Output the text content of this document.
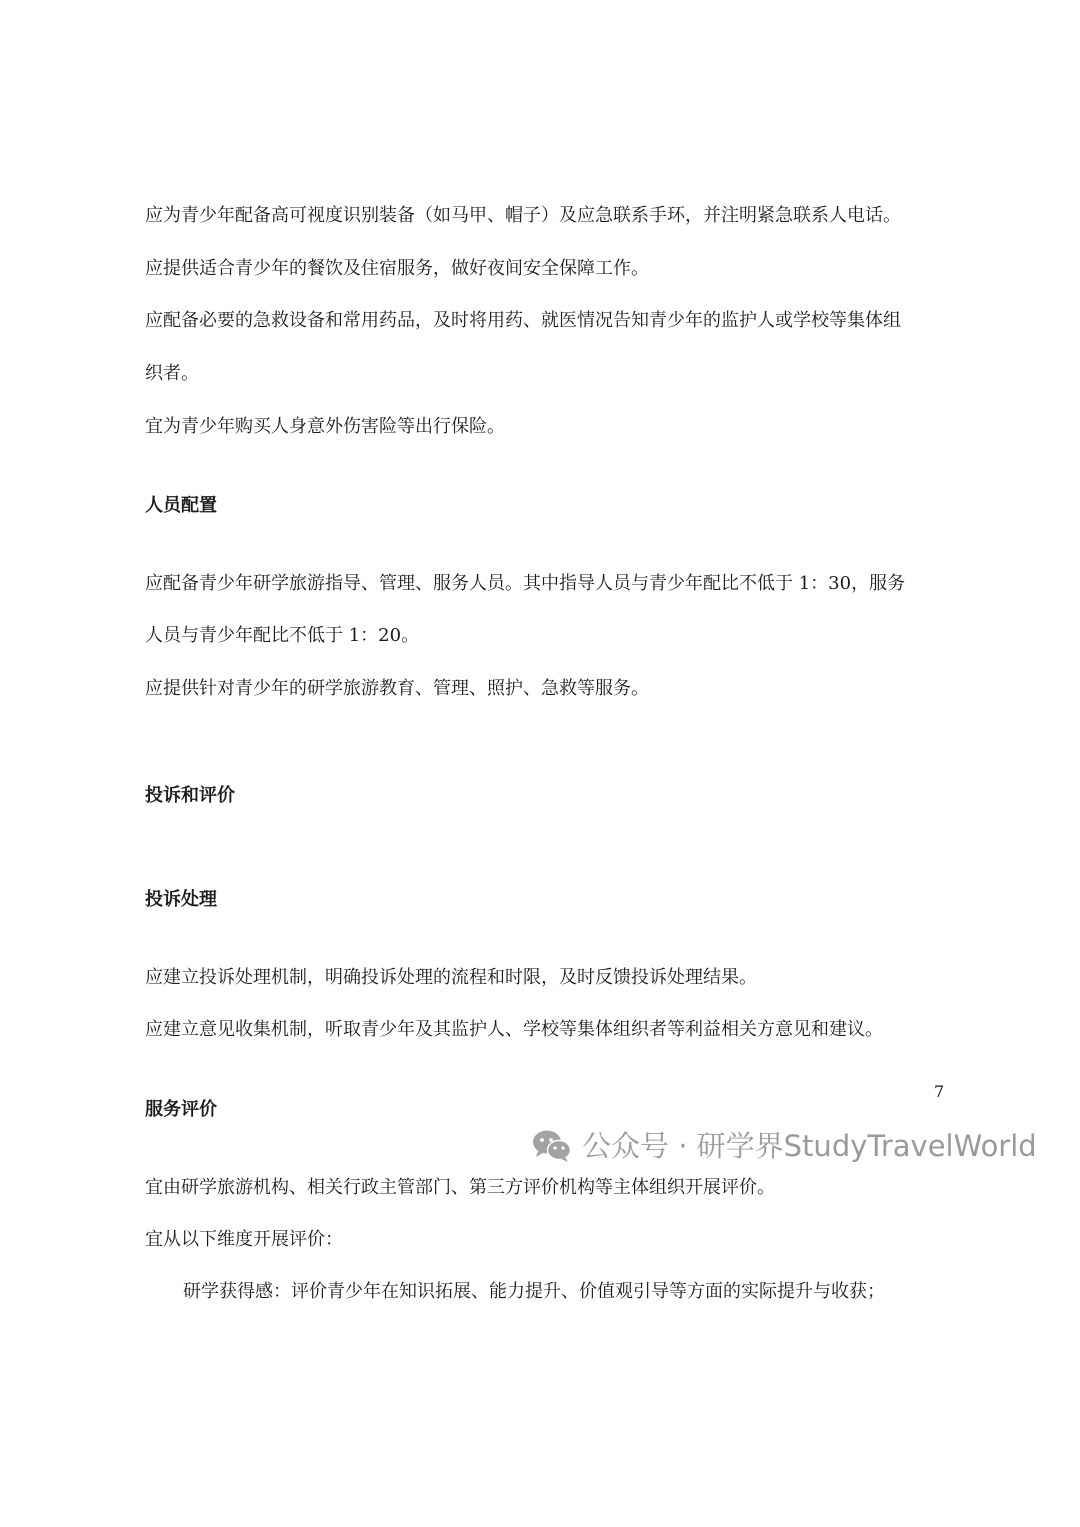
应为青少年配备高可视度识别装备（如马甲、帽子）及应急联系手环，并注明紧急联系人电话。
应提供适合青少年的餐饮及住宿服务，做好夜间安全保障工作。
应配备必要的急救设备和常用药品，及时将用药、就医情况告知青少年的监护人或学校等集体组
织者。
宜为青少年购买人身意外伤害险等出行保险。
人员配置
应配备青少年研学旅游指导、管理、服务人员。其中指导人员与青少年配比不低于 1：30，服务
人员与青少年配比不低于 1：20。
应提供针对青少年的研学旅游教育、管理、照护、急救等服务。
投诉和评价
投诉处理
应建立投诉处理机制，明确投诉处理的流程和时限，及时反馈投诉处理结果。
应建立意见收集机制，听取青少年及其监护人、学校等集体组织者等利益相关方意见和建议。
服务评价
宜由研学旅游机构、相关行政主管部门、第三方评价机构等主体组织开展评价。
宜从以下维度开展评价：
研学获得感：评价青少年在知识拓展、能力提升、价值观引导等方面的实际提升与收获；
7
公众号 · 研学界StudyTravelWorld
